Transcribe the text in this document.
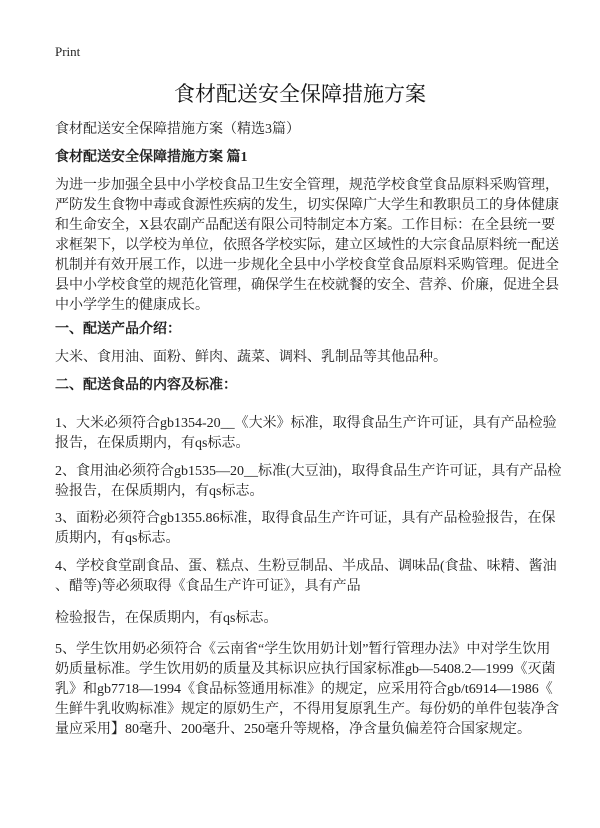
Print
食材配送安全保障措施方案
食材配送安全保障措施方案（精选3篇）
食材配送安全保障措施方案 篇1
为进一步加强全县中小学校食品卫生安全管理，规范学校食堂食品原料采购管理，
严防发生食物中毒或食源性疾病的发生，切实保障广大学生和教职员工的身体健康
和生命安全，X县农副产品配送有限公司特制定本方案。工作目标：在全县统一要
求框架下，以学校为单位，依照各学校实际，建立区域性的大宗食品原料统一配送
机制并有效开展工作，以进一步规化全县中小学校食堂食品原料采购管理。促进全
县中小学校食堂的规范化管理，确保学生在校就餐的安全、营养、价廉，促进全县
中小学学生的健康成长。
一、配送产品介绍：
大米、食用油、面粉、鲜肉、蔬菜、调料、乳制品等其他品种。
二、配送食品的内容及标准：
1、大米必须符合gb1354-20__《大米》标准，取得食品生产许可证，具有产品检验
报告，在保质期内，有qs标志。
2、食用油必须符合gb1535—20__标准(大豆油)，取得食品生产许可证，具有产品检
验报告，在保质期内，有qs标志。
3、面粉必须符合gb1355.86标准，取得食品生产许可证，具有产品检验报告，在保
质期内，有qs标志。
4、学校食堂副食品、蛋、糕点、生粉豆制品、半成品、调味品(食盐、味精、酱油
、醋等)等必须取得《食品生产许可证》，具有产品
检验报告，在保质期内，有qs标志。
5、学生饮用奶必须符合《云南省“学生饮用奶计划”暂行管理办法》中对学生饮用
奶质量标准。学生饮用奶的质量及其标识应执行国家标准gb—5408.2—1999《灭菌
乳》和gb7718—1994《食品标签通用标准》的规定，应采用符合gb/t6914—1986《
生鲜牛乳收购标准》规定的原奶生产，不得用复原乳生产。每份奶的单件包装净含
量应采用】80毫升、200毫升、250毫升等规格，净含量负偏差符合国家规定。
